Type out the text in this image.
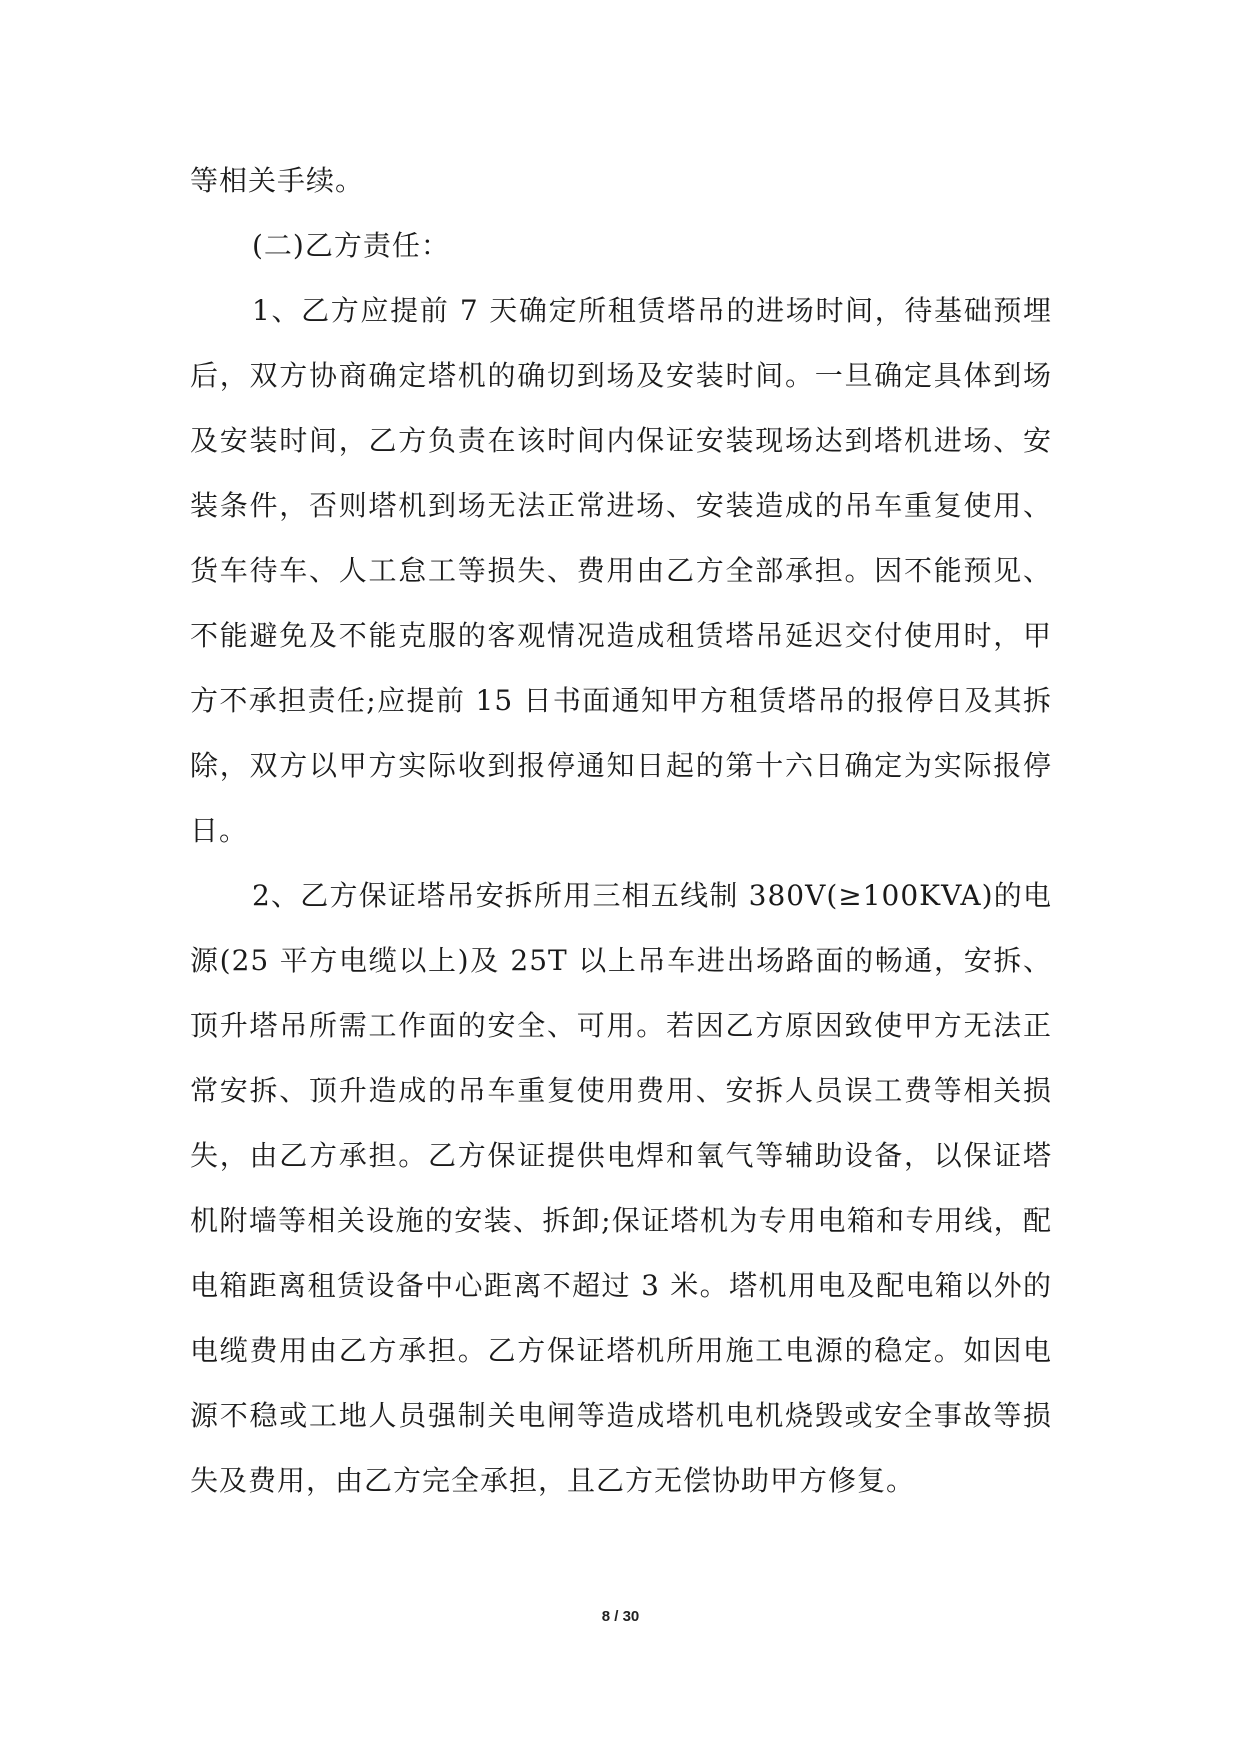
等相关手续。

(二)乙方责任：

1、乙方应提前 7 天确定所租赁塔吊的进场时间，待基础预埋后，双方协商确定塔机的确切到场及安装时间。一旦确定具体到场及安装时间，乙方负责在该时间内保证安装现场达到塔机进场、安装条件，否则塔机到场无法正常进场、安装造成的吊车重复使用、货车待车、人工怠工等损失、费用由乙方全部承担。因不能预见、不能避免及不能克服的客观情况造成租赁塔吊延迟交付使用时，甲方不承担责任;应提前 15 日书面通知甲方租赁塔吊的报停日及其拆除，双方以甲方实际收到报停通知日起的第十六日确定为实际报停日。

2、乙方保证塔吊安拆所用三相五线制 380V(≥100KVA)的电源(25 平方电缆以上)及 25T 以上吊车进出场路面的畅通，安拆、顶升塔吊所需工作面的安全、可用。若因乙方原因致使甲方无法正常安拆、顶升造成的吊车重复使用费用、安拆人员误工费等相关损失，由乙方承担。乙方保证提供电焊和氧气等辅助设备，以保证塔机附墙等相关设施的安装、拆卸;保证塔机为专用电箱和专用线，配电箱距离租赁设备中心距离不超过 3 米。塔机用电及配电箱以外的电缆费用由乙方承担。乙方保证塔机所用施工电源的稳定。如因电源不稳或工地人员强制关电闸等造成塔机电机烧毁或安全事故等损失及费用，由乙方完全承担，且乙方无偿协助甲方修复。

8 / 30
